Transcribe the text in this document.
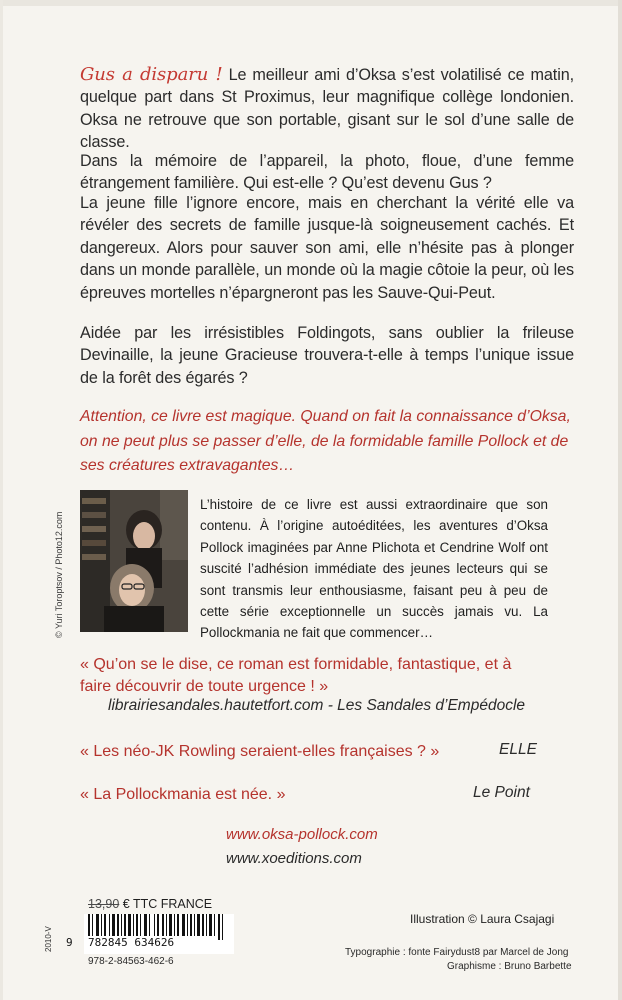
Gus a disparu ! Le meilleur ami d’Oksa s’est volatilisé ce matin, quelque part dans St Proximus, leur magnifique collège londonien. Oksa ne retrouve que son portable, gisant sur le sol d’une salle de classe.

Dans la mémoire de l’appareil, la photo, floue, d’une femme étrangement familière. Qui est-elle ? Qu’est devenu Gus ?

La jeune fille l’ignore encore, mais en cherchant la vérité elle va révéler des secrets de famille jusque-là soigneusement cachés. Et dangereux. Alors pour sauver son ami, elle n’hésite pas à plonger dans un monde parallèle, un monde où la magie côtoie la peur, où les épreuves mortelles n’épargneront pas les Sauve-Qui-Peut.

Aidée par les irrésistibles Foldingots, sans oublier la frileuse Devinaille, la jeune Gracieuse trouvera-t-elle à temps l’unique issue de la forêt des égarés ?

Attention, ce livre est magique. Quand on fait la connaissance d’Oksa, on ne peut plus se passer d’elle, de la formidable famille Pollock et de ses créatures extravagantes…

© Yuri Toroptsov / Photo12.com

L’histoire de ce livre est aussi extraordinaire que son contenu. À l’origine autoéditées, les aventures d’Oksa Pollock imaginées par Anne Plichota et Cendrine Wolf ont suscité l’adhésion immédiate des jeunes lecteurs qui se sont transmis leur enthousiasme, faisant peu à peu de cette série exceptionnelle un succès jamais vu. La Pollockmania ne fait que commencer…

« Qu’on se le dise, ce roman est formidable, fantastique, et à
faire découvrir de toute urgence ! »

librairiesandales.hautetfort.com - Les Sandales d’Empédocle
« Les néo-JK Rowling seraient-elles françaises ? »	ELLE
« La Pollockmania est née. »	Le Point
www.oksa-pollock.com
www.xoeditions.com
13,90 € TTC FRANCE
9 782845 634626
978-2-84563-462-6
2010-V
Illustration © Laura Csajagi
Typographie : fonte Fairydust8 par Marcel de Jong
Graphisme : Bruno Barbette
